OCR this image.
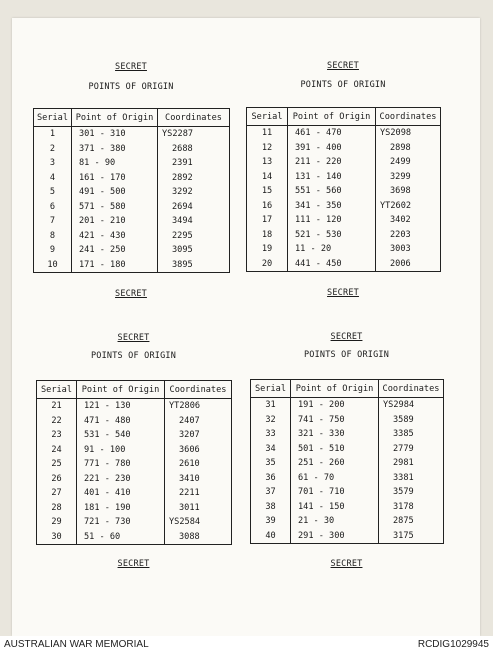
SECRET
POINTS OF ORIGIN
Serial	Point of Origin	Coordinates
1	301 - 310	YS2287
2	371 - 380	2688
3	81 - 90	2391
4	161 - 170	2892
5	491 - 500	3292
6	571 - 580	2694
7	201 - 210	3494
8	421 - 430	2295
9	241 - 250	3095
10	171 - 180	3895
SECRET
SECRET
POINTS OF ORIGIN
Serial	Point of Origin	Coordinates
11	461 - 470	YS2098
12	391 - 400	2898
13	211 - 220	2499
14	131 - 140	3299
15	551 - 560	3698
16	341 - 350	YT2602
17	111 - 120	3402
18	521 - 530	2203
19	11 - 20	3003
20	441 - 450	2006
SECRET
SECRET
POINTS OF ORIGIN
Serial	Point of Origin	Coordinates
21	121 - 130	YT2806
22	471 - 480	2407
23	531 - 540	3207
24	91 - 100	3606
25	771 - 780	2610
26	221 - 230	3410
27	401 - 410	2211
28	181 - 190	3011
29	721 - 730	YS2584
30	51 - 60	3088
SECRET
SECRET
POINTS OF ORIGIN
Serial	Point of Origin	Coordinates
31	191 - 200	YS2984
32	741 - 750	3589
33	321 - 330	3385
34	501 - 510	2779
35	251 - 260	2981
36	61 - 70	3381
37	701 - 710	3579
38	141 - 150	3178
39	21 - 30	2875
40	291 - 300	3175
SECRET
AUSTRALIAN WAR MEMORIAL	RCDIG1029945
